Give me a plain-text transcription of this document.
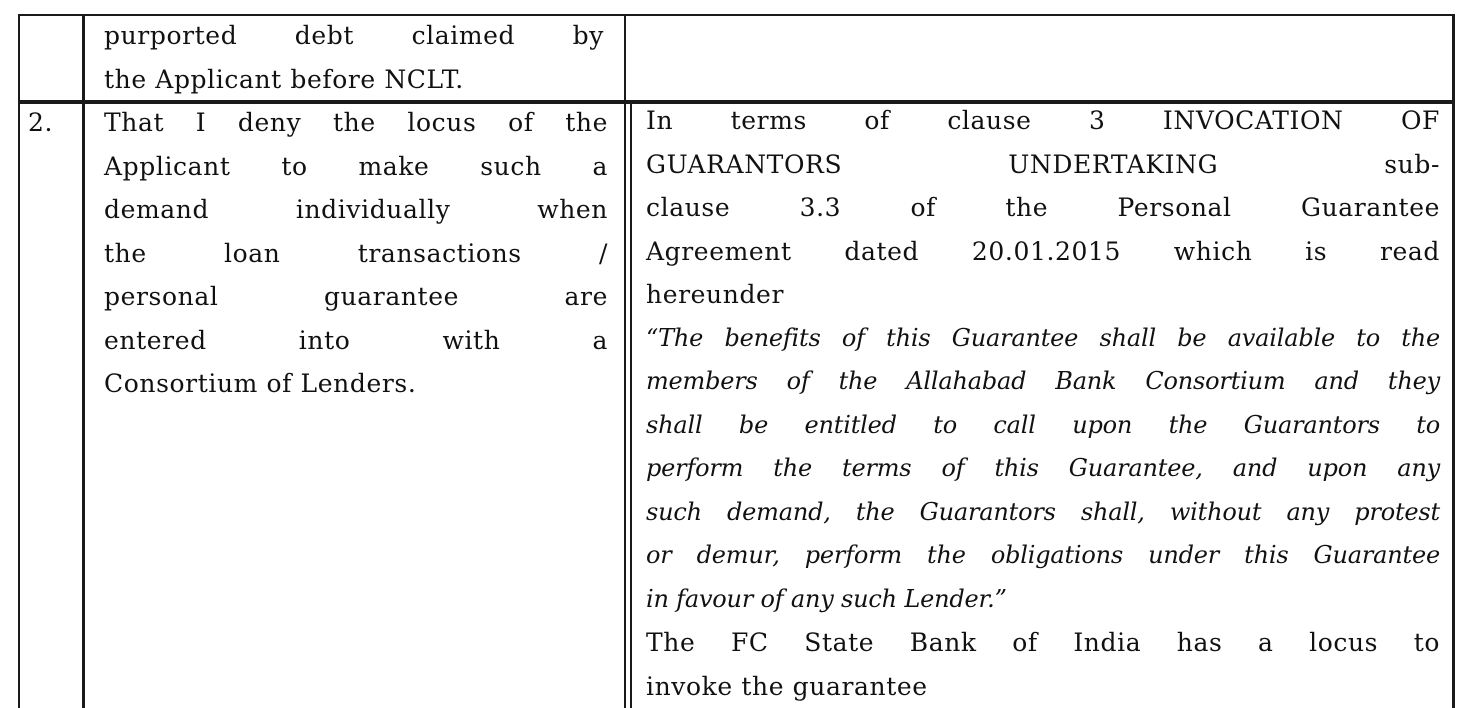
purported debt claimed by
the Applicant before NCLT.
2.	That I deny the locus of the
Applicant to make such a
demand individually when
the loan transactions /
personal guarantee are
entered into with a
Consortium of Lenders.
In terms of clause 3 INVOCATION OF
GUARANTORS UNDERTAKING sub-
clause 3.3 of the Personal Guarantee
Agreement dated 20.01.2015 which is read
hereunder
“The benefits of this Guarantee shall be available to the
members of the Allahabad Bank Consortium and they
shall be entitled to call upon the Guarantors to
perform the terms of this Guarantee, and upon any
such demand, the Guarantors shall, without any protest
or demur, perform the obligations under this Guarantee
in favour of any such Lender.”
The FC State Bank of India has a locus to
invoke the guarantee
